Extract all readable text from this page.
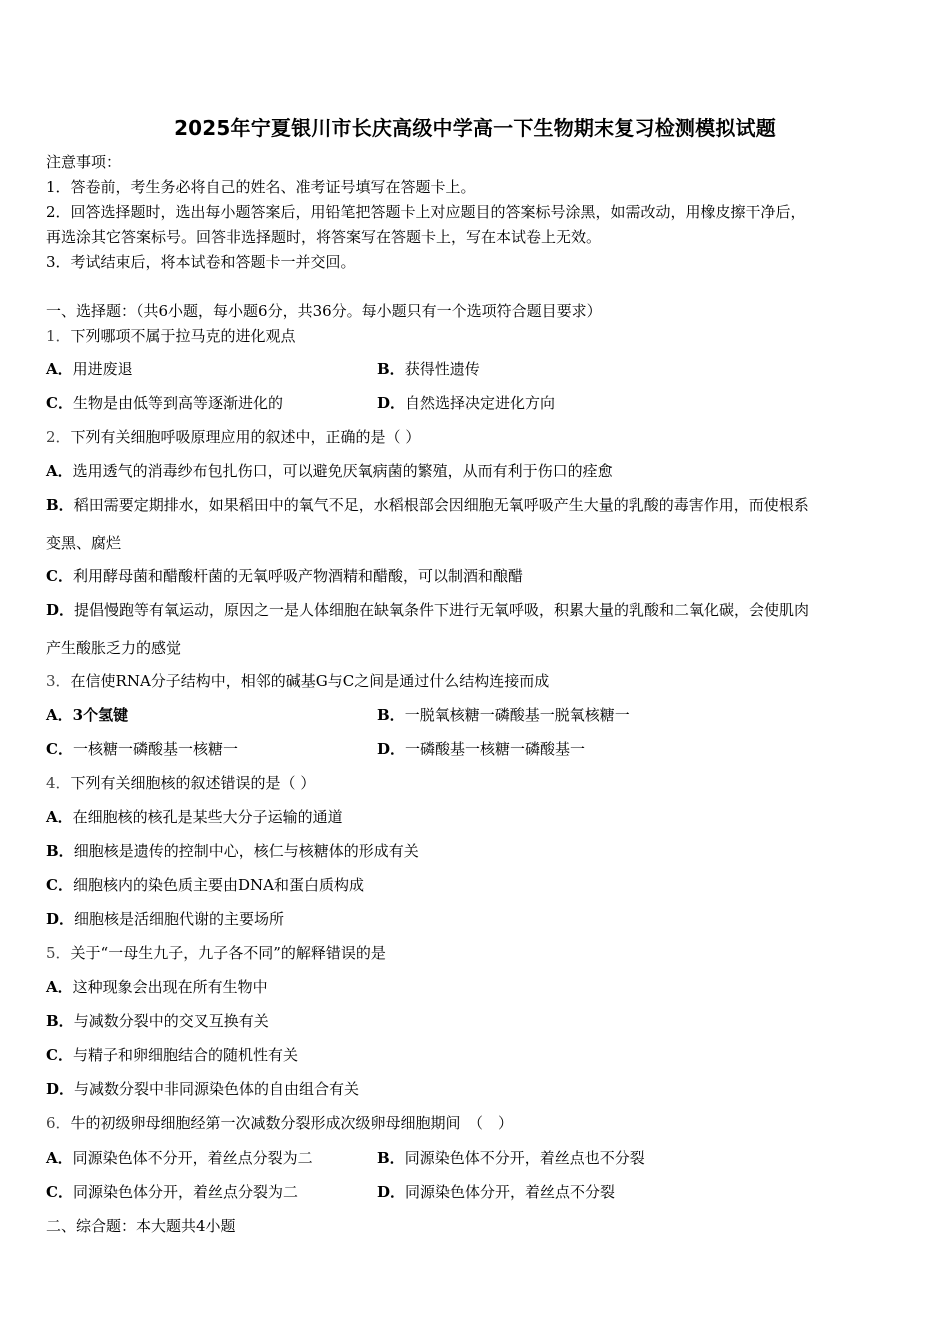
2025年宁夏银川市长庆高级中学高一下生物期末复习检测模拟试题
注意事项：
1．答卷前，考生务必将自己的姓名、准考证号填写在答题卡上。
2．回答选择题时，选出每小题答案后，用铅笔把答题卡上对应题目的答案标号涂黑，如需改动，用橡皮擦干净后，
再选涂其它答案标号。回答非选择题时，将答案写在答题卡上，写在本试卷上无效。
3．考试结束后，将本试卷和答题卡一并交回。
一、选择题：（共6小题，每小题6分，共36分。每小题只有一个选项符合题目要求）
1．下列哪项不属于拉马克的进化观点
A．用进废退	B．获得性遗传
C．生物是由低等到高等逐渐进化的	D．自然选择决定进化方向
2．下列有关细胞呼吸原理应用的叙述中，正确的是（ ）
A．选用透气的消毒纱布包扎伤口，可以避免厌氧病菌的繁殖，从而有利于伤口的痊愈
B．稻田需要定期排水，如果稻田中的氧气不足，水稻根部会因细胞无氧呼吸产生大量的乳酸的毒害作用，而使根系
变黑、腐烂
C．利用酵母菌和醋酸杆菌的无氧呼吸产物酒精和醋酸，可以制酒和酿醋
D．提倡慢跑等有氧运动，原因之一是人体细胞在缺氧条件下进行无氧呼吸，积累大量的乳酸和二氧化碳，会使肌肉
产生酸胀乏力的感觉
3．在信使RNA分子结构中，相邻的碱基G与C之间是通过什么结构连接而成
A．3个氢键	B．一脱氧核糖一磷酸基一脱氧核糖一
C．一核糖一磷酸基一核糖一	D．一磷酸基一核糖一磷酸基一
4．下列有关细胞核的叙述错误的是（ ）
A．在细胞核的核孔是某些大分子运输的通道
B．细胞核是遗传的控制中心，核仁与核糖体的形成有关
C．细胞核内的染色质主要由DNA和蛋白质构成
D．细胞核是活细胞代谢的主要场所
5．关于“一母生九子，九子各不同”的解释错误的是
A．这种现象会出现在所有生物中
B．与减数分裂中的交叉互换有关
C．与精子和卵细胞结合的随机性有关
D．与减数分裂中非同源染色体的自由组合有关
6．牛的初级卵母细胞经第一次减数分裂形成次级卵母细胞期间　（　）
A．同源染色体不分开，着丝点分裂为二	B．同源染色体不分开，着丝点也不分裂
C．同源染色体分开，着丝点分裂为二	D．同源染色体分开，着丝点不分裂
二、综合题：本大题共4小题
